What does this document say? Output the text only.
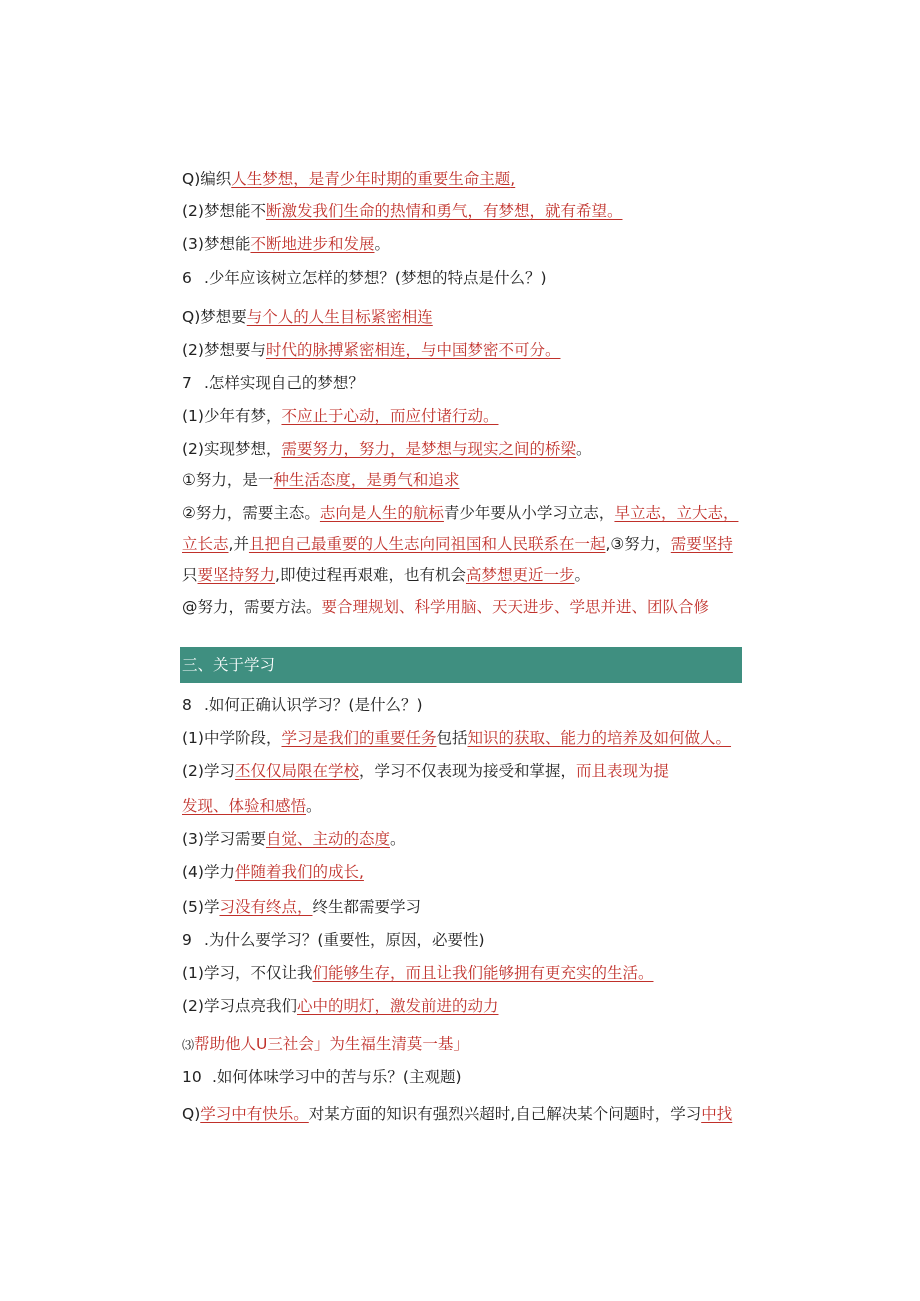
Q)编织人生梦想，是青少年时期的重要生命主题,
(2)梦想能不断激发我们生命的热情和勇气，有梦想，就有希望。
(3)梦想能不断地进步和发展。
6 .少年应该树立怎样的梦想？(梦想的特点是什么？)
Q)梦想要与个人的人生目标紧密相连
(2)梦想要与时代的脉搏紧密相连，与中国梦密不可分。
7 .怎样实现自己的梦想？
(1)少年有梦，不应止于心动，而应付诸行动。
(2)实现梦想，需要努力，努力，是梦想与现实之间的桥梁。
①努力，是一种生活态度，是勇气和追求
②努力，需要主态。志向是人生的航标青少年要从小学习立志，早立志，立大志，
立长志,并且把自己最重要的人生志向同祖国和人民联系在一起,③努力，需要坚持
只要坚持努力,即使过程再艰难，也有机会高梦想更近一步。
@努力，需要方法。要合理规划、科学用脑、天天进步、学思并进、团队合修
三、关于学习
8 .如何正确认识学习？(是什么？)
(1)中学阶段，学习是我们的重要任务包括知识的获取、能力的培养及如何做人。
(2)学习丕仅仅局限在学校，学习不仅表现为接受和掌握，而且表现为提
发现、体验和感悟。
(3)学习需要自觉、主动的态度。
(4)学力伴随着我们的成长,
(5)学习没有终点，终生都需要学习
9 .为什么要学习？(重要性，原因，必要性)
(1)学习，不仅让我们能够生存，而且让我们能够拥有更充实的生活。
(2)学习点亮我们心中的明灯，激发前进的动力
⑶帮助他人U三社会」为生福生清莫一基」
10 .如何体味学习中的苦与乐？(主观题)
Q)学习中有快乐。对某方面的知识有强烈兴超时,自己解决某个问题时，学习中找
